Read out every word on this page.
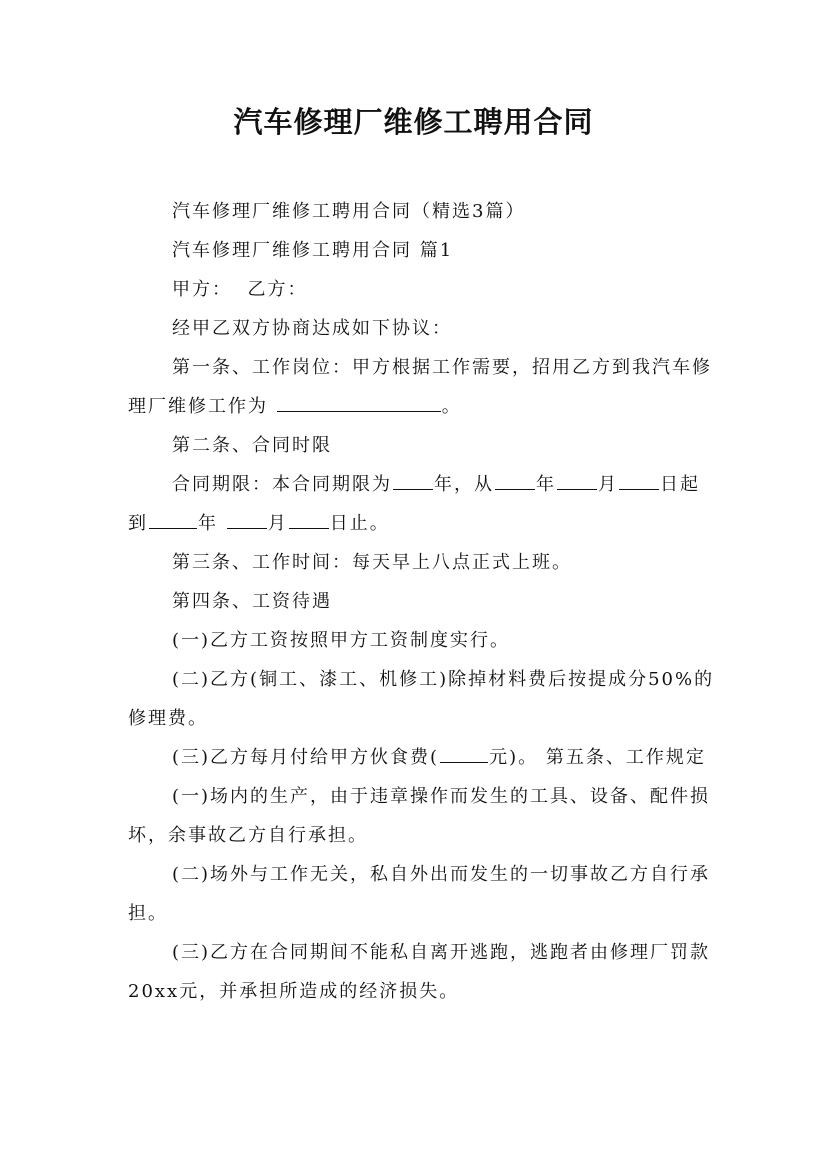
汽车修理厂维修工聘用合同

汽车修理厂维修工聘用合同（精选3篇）

汽车修理厂维修工聘用合同 篇1

甲方：  乙方：

经甲乙双方协商达成如下协议：

第一条、工作岗位：甲方根据工作需要，招用乙方到我汽车修理厂维修工作为	。

第二条、合同时限

合同期限：本合同期限为 年，从 年 月 日起到	年 月 日止。

第三条、工作时间：每天早上八点正式上班。

第四条、工资待遇

(一)乙方工资按照甲方工资制度实行。

(二)乙方(铜工、漆工、机修工)除掉材料费后按提成分50%的修理费。

(三)乙方每月付给甲方伙食费(	元)。 第五条、工作规定

(一)场内的生产，由于违章操作而发生的工具、设备、配件损坏，余事故乙方自行承担。

(二)场外与工作无关，私自外出而发生的一切事故乙方自行承担。

(三)乙方在合同期间不能私自离开逃跑，逃跑者由修理厂罚款20xx元，并承担所造成的经济损失。
